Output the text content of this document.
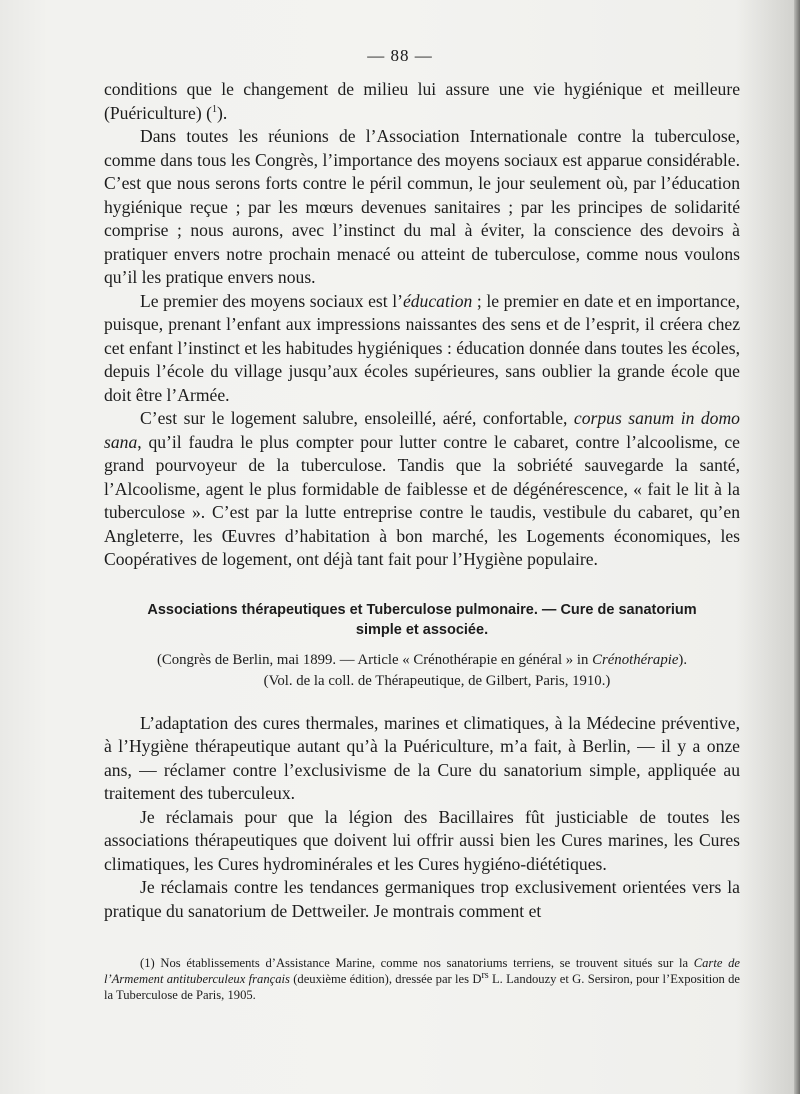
— 88 —

conditions que le changement de milieu lui assure une vie hygiénique et meilleure (Puériculture) ($^1$).

Dans toutes les réunions de l’Association Internationale contre la tuberculose, comme dans tous les Congrès, l’importance des moyens sociaux est apparue considérable. C’est que nous serons forts contre le péril commun, le jour seulement où, par l’éducation hygiénique reçue ; par les mœurs devenues sanitaires ; par les principes de solidarité comprise ; nous aurons, avec l’instinct du mal à éviter, la conscience des devoirs à pratiquer envers notre prochain menacé ou atteint de tuberculose, comme nous voulons qu’il les pratique envers nous.

Le premier des moyens sociaux est l’éducation ; le premier en date et en importance, puisque, prenant l’enfant aux impressions naissantes des sens et de l’esprit, il créera chez cet enfant l’instinct et les habitudes hygiéniques : éducation donnée dans toutes les écoles, depuis l’école du village jusqu’aux écoles supérieures, sans oublier la grande école que doit être l’Armée.

C’est sur le logement salubre, ensoleillé, aéré, confortable, corpus sanum in domo sana, qu’il faudra le plus compter pour lutter contre le cabaret, contre l’alcoolisme, ce grand pourvoyeur de la tuberculose. Tandis que la sobriété sauvegarde la santé, l’Alcoolisme, agent le plus formidable de faiblesse et de dégénérescence, « fait le lit à la tuberculose ». C’est par la lutte entreprise contre le taudis, vestibule du cabaret, qu’en Angleterre, les Œuvres d’habitation à bon marché, les Logements économiques, les Coopératives de logement, ont déjà tant fait pour l’Hygiène populaire.

Associations thérapeutiques et Tuberculose pulmonaire. — Cure de sanatorium
simple et associée.
(Congrès de Berlin, mai 1899. — Article « Crénothérapie en général » in Crénothérapie).
(Vol. de la coll. de Thérapeutique, de Gilbert, Paris, 1910.)

L’adaptation des cures thermales, marines et climatiques, à la Médecine préventive, à l’Hygiène thérapeutique autant qu’à la Puériculture, m’a fait, à Berlin, — il y a onze ans, — réclamer contre l’exclusivisme de la Cure du sanatorium simple, appliquée au traitement des tuberculeux.

Je réclamais pour que la légion des Bacillaires fût justiciable de toutes les associations thérapeutiques que doivent lui offrir aussi bien les Cures marines, les Cures climatiques, les Cures hydrominérales et les Cures hygiéno-diététiques.

Je réclamais contre les tendances germaniques trop exclusivement orientées vers la pratique du sanatorium de Dettweiler. Je montrais comment et

(1) Nos établissements d’Assistance Marine, comme nos sanatoriums terriens, se trouvent situés sur la Carte de l’Armement antituberculeux français (deuxième édition), dressée par les $D^{rs}$ L. Landouzy et G. Sersiron, pour l’Exposition de la Tuberculose de Paris, 1905.
